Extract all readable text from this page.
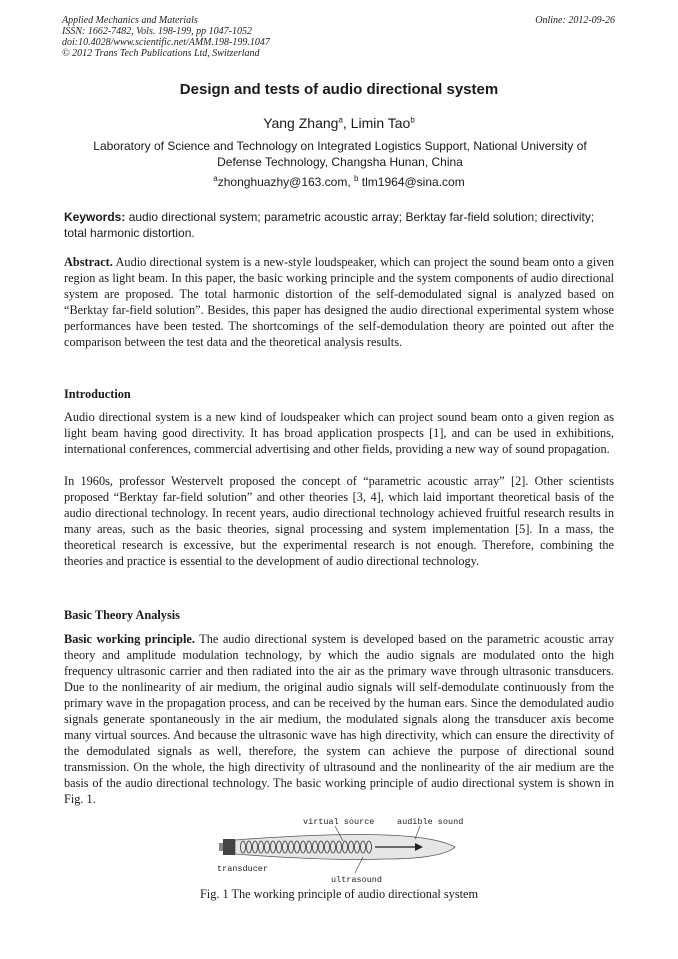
Applied Mechanics and Materials
ISSN: 1662-7482, Vols. 198-199, pp 1047-1052
doi:10.4028/www.scientific.net/AMM.198-199.1047
© 2012 Trans Tech Publications Ltd, Switzerland
Online: 2012-09-26
Design and tests of audio directional system
Yang Zhang$^a$, Limin Tao$^b$
Laboratory of Science and Technology on Integrated Logistics Support, National University of
Defense Technology, Changsha Hunan, China
$^a$zhonghuazhy@163.com, $^b$ tlm1964@sina.com
Keywords: audio directional system; parametric acoustic array; Berktay far-field solution; directivity; total harmonic distortion.
Abstract. Audio directional system is a new-style loudspeaker, which can project the sound beam onto a given region as light beam. In this paper, the basic working principle and the system components of audio directional system are proposed. The total harmonic distortion of the self-demodulated signal is analyzed based on “Berktay far-field solution”. Besides, this paper has designed the audio directional experimental system whose performances have been tested. The shortcomings of the self-demodulation theory are pointed out after the comparison between the test data and the theoretical analysis results.
Introduction
Audio directional system is a new kind of loudspeaker which can project sound beam onto a given region as light beam having good directivity. It has broad application prospects [1], and can be used in exhibitions, international conferences, commercial advertising and other fields, providing a new way of sound propagation.
In 1960s, professor Westervelt proposed the concept of “parametric acoustic array” [2]. Other scientists proposed “Berktay far-field solution” and other theories [3, 4], which laid important theoretical basis of the audio directional technology. In recent years, audio directional technology achieved fruitful research results in many areas, such as the basic theories, signal processing and system implementation [5]. In a mass, the theoretical research is excessive, but the experimental research is not enough. Therefore, combining the theories and practice is essential to the development of audio directional technology.
Basic Theory Analysis
Basic working principle. The audio directional system is developed based on the parametric acoustic array theory and amplitude modulation technology, by which the audio signals are modulated onto the high frequency ultrasonic carrier and then radiated into the air as the primary wave through ultrasonic transducers. Due to the nonlinearity of air medium, the original audio signals will self-demodulate continuously from the primary wave in the propagation process, and can be received by the human ears. Since the demodulated audio signals generate spontaneously in the air medium, the modulated signals along the transducer axis become many virtual sources. And because the ultrasonic wave has high directivity, which can ensure the directivity of the demodulated signals as well, therefore, the system can achieve the purpose of directional sound transmission. On the whole, the high directivity of ultrasound and the nonlinearity of the air medium are the basis of the audio directional technology. The basic working principle of audio directional system is shown in Fig. 1.
virtual source	audible sound
transducer
ultrasound
Fig. 1 The working principle of audio directional system
